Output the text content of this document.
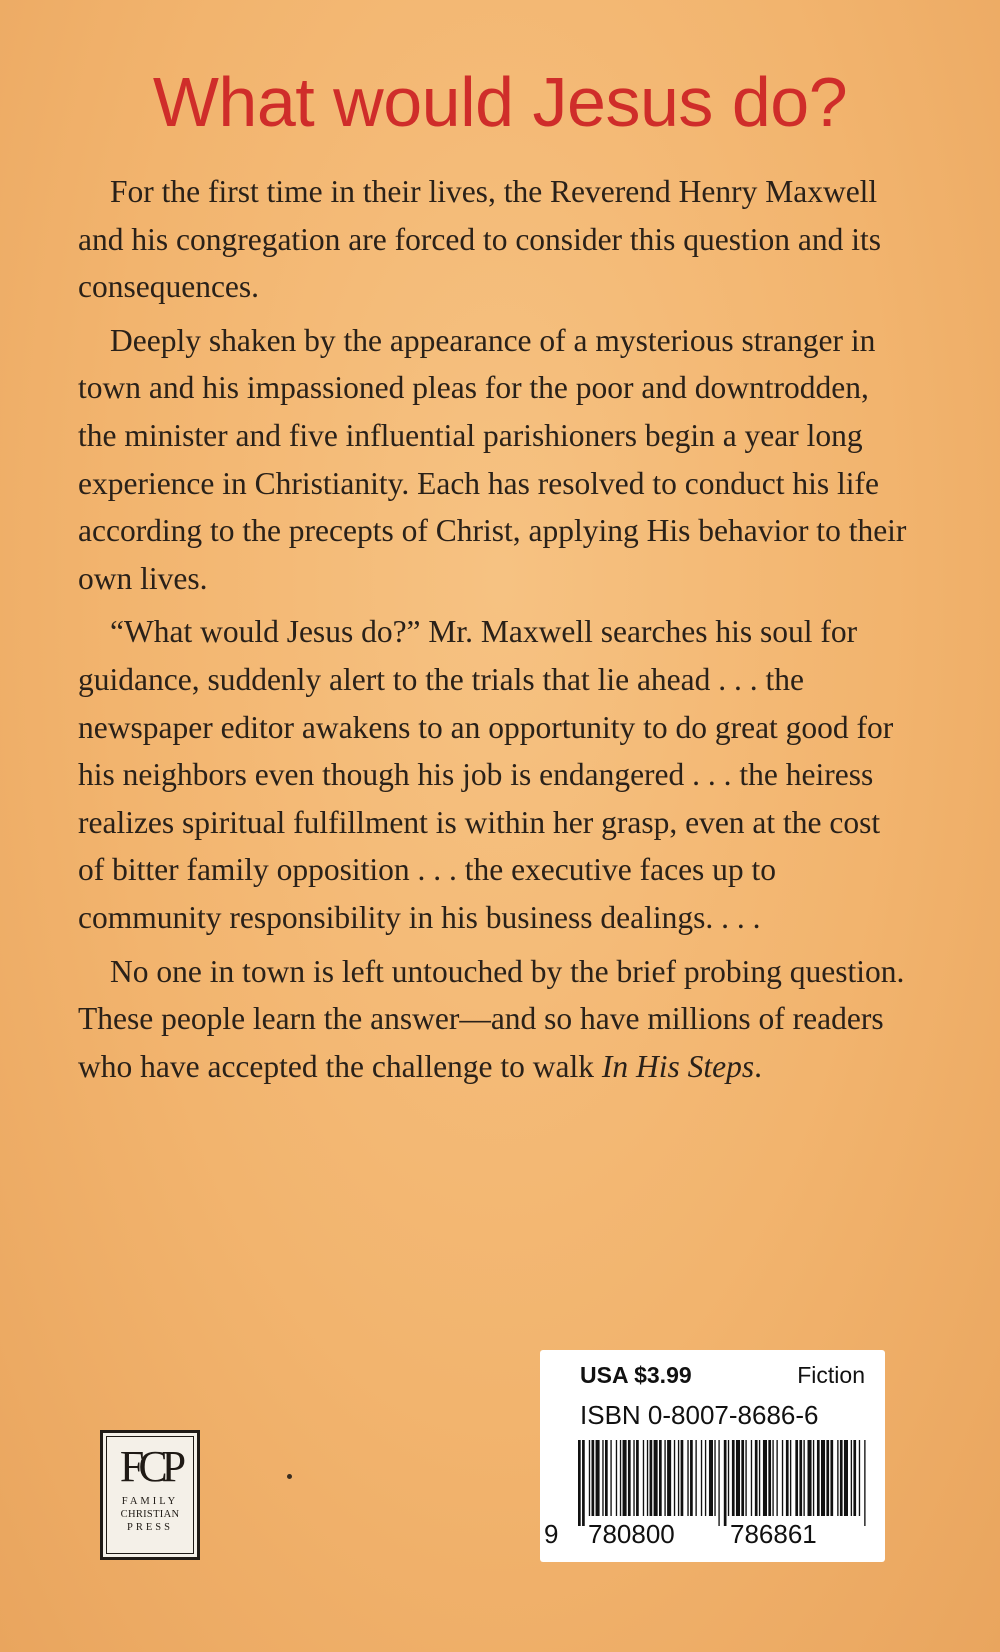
What would Jesus do?

For the first time in their lives, the Reverend Henry Maxwell and his congregation are forced to consider this question and its consequences.

Deeply shaken by the appearance of a mysterious stranger in town and his impassioned pleas for the poor and downtrodden, the minister and five influential parishioners begin a year long experience in Christianity. Each has resolved to conduct his life according to the precepts of Christ, applying His behavior to their own lives.

“What would Jesus do?” Mr. Maxwell searches his soul for guidance, suddenly alert to the trials that lie ahead . . . the newspaper editor awakens to an opportunity to do great good for his neighbors even though his job is endangered . . . the heiress realizes spiritual fulfillment is within her grasp, even at the cost of bitter family opposition . . . the executive faces up to community responsibility in his business dealings. . . .

No one in town is left untouched by the brief probing question. These people learn the answer—and so have millions of readers who have accepted the challenge to walk In His Steps.

FCP
FAMILY
CHRISTIAN
PRESS
USA $3.99	Fiction
ISBN 0-8007-8686-6
9 780800 786861
